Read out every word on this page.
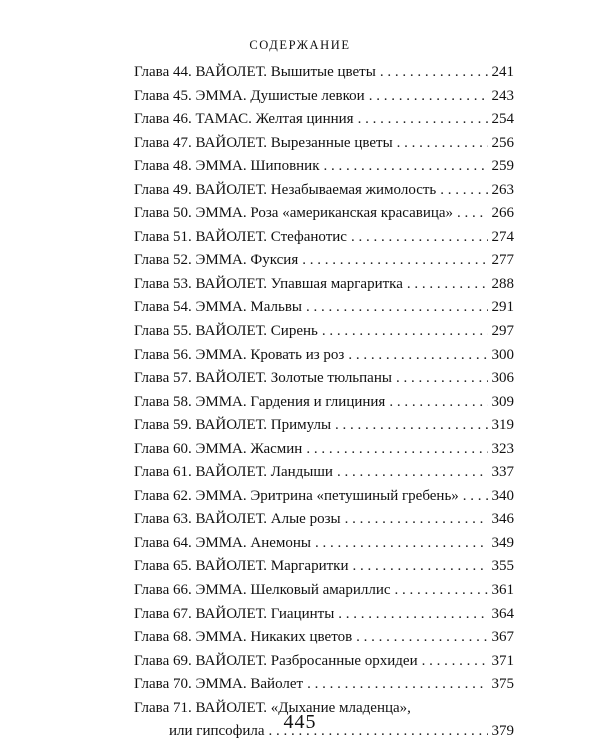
СОДЕРЖАНИЕ
Глава 44. ВАЙОЛЕТ. Вышитые цветы . . .	241
Глава 45. ЭММА. Душистые левкои . . .	243
Глава 46. ТАМАС. Желтая цинния . . .	254
Глава 47. ВАЙОЛЕТ. Вырезанные цветы . . .	256
Глава 48. ЭММА. Шиповник . . .	259
Глава 49. ВАЙОЛЕТ. Незабываемая жимолость . . .	263
Глава 50. ЭММА. Роза «американская красавица» . . .	266
Глава 51. ВАЙОЛЕТ. Стефанотис . . .	274
Глава 52. ЭММА. Фуксия . . .	277
Глава 53. ВАЙОЛЕТ. Упавшая маргаритка . . .	288
Глава 54. ЭММА. Мальвы . . .	291
Глава 55. ВАЙОЛЕТ. Сирень . . .	297
Глава 56. ЭММА. Кровать из роз . . .	300
Глава 57. ВАЙОЛЕТ. Золотые тюльпаны . . .	306
Глава 58. ЭММА. Гардения и глициния . . .	309
Глава 59. ВАЙОЛЕТ. Примулы . . .	319
Глава 60. ЭММА. Жасмин . . .	323
Глава 61. ВАЙОЛЕТ. Ландыши . . .	337
Глава 62. ЭММА. Эритрина «петушиный гребень» . . . 340
Глава 63. ВАЙОЛЕТ. Алые розы . . .	346
Глава 64. ЭММА. Анемоны . . .	349
Глава 65. ВАЙОЛЕТ. Маргаритки . . .	355
Глава 66. ЭММА. Шелковый амариллис . . .	361
Глава 67. ВАЙОЛЕТ. Гиацинты . . .	364
Глава 68. ЭММА. Никаких цветов . . .	367
Глава 69. ВАЙОЛЕТ. Разбросанные орхидеи . . .	371
Глава 70. ЭММА. Вайолет . . .	375
Глава 71. ВАЙОЛЕТ. «Дыхание младенца»,
или гипсофила . . .	379
445
